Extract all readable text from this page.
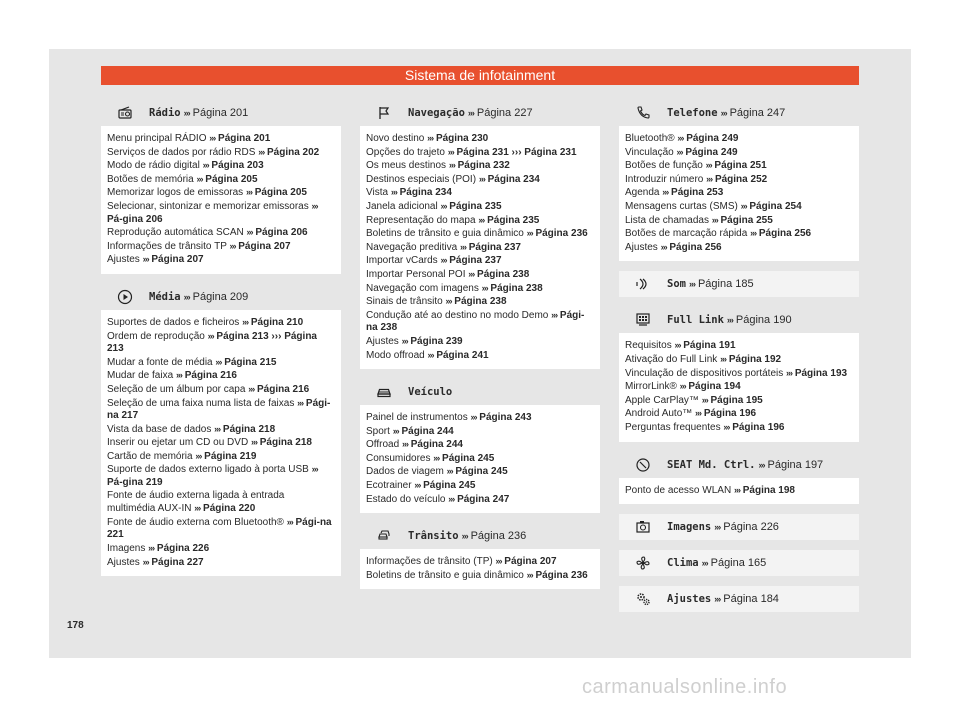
Sistema de infotainment
Rádio ››› Página 201
Menu principal RÁDIO ››› Página 201
Serviços de dados por rádio RDS ››› Página 202
Modo de rádio digital ››› Página 203
Botões de memória ››› Página 205
Memorizar logos de emissoras ››› Página 205
Selecionar, sintonizar e memorizar emissoras ››› Pá-gina 206
Reprodução automática SCAN ››› Página 206
Informações de trânsito TP ››› Página 207
Ajustes ››› Página 207
Média ››› Página 209
Suportes de dados e ficheiros ››› Página 210
Ordem de reprodução ››› Página 213 ››› Página 213
Mudar a fonte de média ››› Página 215
Mudar de faixa ››› Página 216
Seleção de um álbum por capa ››› Página 216
Seleção de uma faixa numa lista de faixas ››› Pági-na 217
Vista da base de dados ››› Página 218
Inserir ou ejetar um CD ou DVD ››› Página 218
Cartão de memória ››› Página 219
Suporte de dados externo ligado à porta USB ››› Pá-gina 219
Fonte de áudio externa ligada à entrada multimédia AUX-IN ››› Página 220
Fonte de áudio externa com Bluetooth® ››› Pági-na 221
Imagens ››› Página 226
Ajustes ››› Página 227
Navegação ››› Página 227
Novo destino ››› Página 230
Opções do trajeto ››› Página 231 ››› Página 231
Os meus destinos ››› Página 232
Destinos especiais (POI) ››› Página 234
Vista ››› Página 234
Janela adicional ››› Página 235
Representação do mapa ››› Página 235
Boletins de trânsito e guia dinâmico ››› Página 236
Navegação preditiva ››› Página 237
Importar vCards ››› Página 237
Importar Personal POI ››› Página 238
Navegação com imagens ››› Página 238
Sinais de trânsito ››› Página 238
Condução até ao destino no modo Demo ››› Pági-na 238
Ajustes ››› Página 239
Modo offroad ››› Página 241
Veículo
Painel de instrumentos ››› Página 243
Sport ››› Página 244
Offroad ››› Página 244
Consumidores ››› Página 245
Dados de viagem ››› Página 245
Ecotrainer ››› Página 245
Estado do veículo ››› Página 247
Trânsito ››› Página 236
Informações de trânsito (TP) ››› Página 207
Boletins de trânsito e guia dinâmico ››› Página 236
Telefone ››› Página 247
Bluetooth® ››› Página 249
Vinculação ››› Página 249
Botões de função ››› Página 251
Introduzir número ››› Página 252
Agenda ››› Página 253
Mensagens curtas (SMS) ››› Página 254
Lista de chamadas ››› Página 255
Botões de marcação rápida ››› Página 256
Ajustes ››› Página 256
Som ››› Página 185
Full Link ››› Página 190
Requisitos ››› Página 191
Ativação do Full Link ››› Página 192
Vinculação de dispositivos portáteis ››› Página 193
MirrorLink® ››› Página 194
Apple CarPlay™ ››› Página 195
Android Auto™ ››› Página 196
Perguntas frequentes ››› Página 196
SEAT Md. Ctrl. ››› Página 197
Ponto de acesso WLAN ››› Página 198
Imagens ››› Página 226
Clima ››› Página 165
Ajustes ››› Página 184
178
carmanualsonline.info
